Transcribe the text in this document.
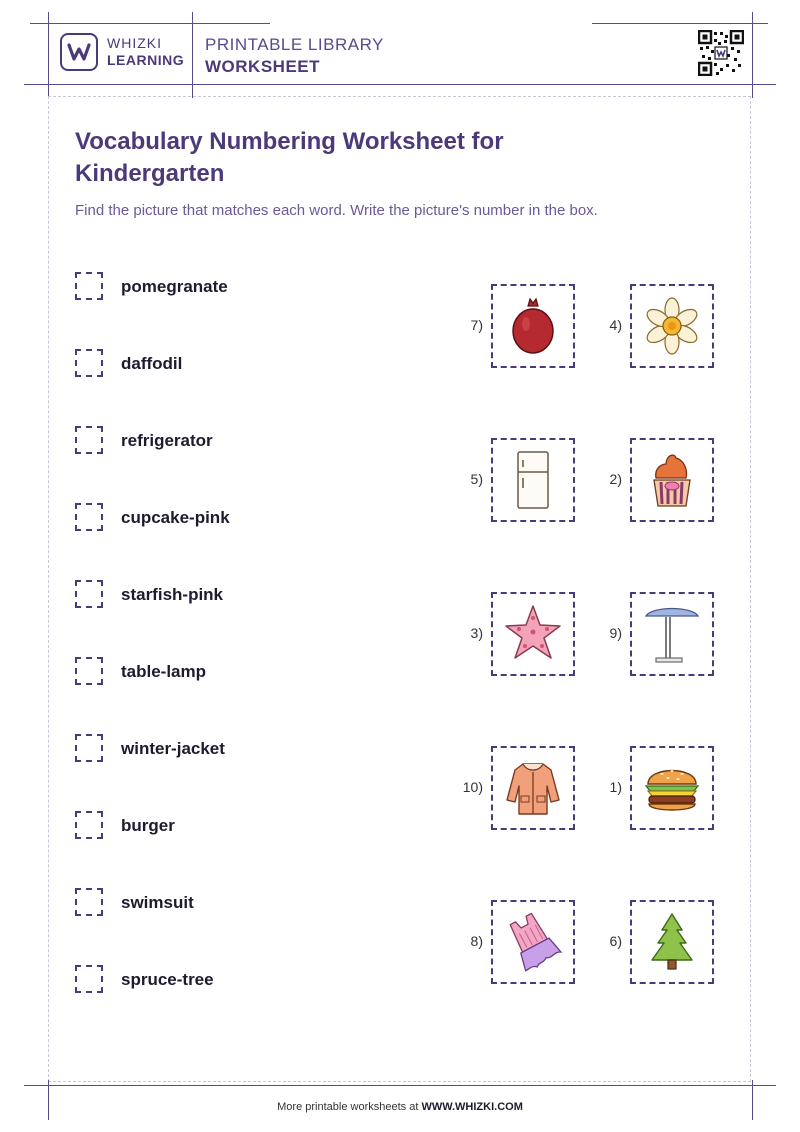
WHIZKI
LEARNING
PRINTABLE LIBRARY
WORKSHEET
Vocabulary Numbering Worksheet for Kindergarten
Find the picture that matches each word. Write the picture's number in the box.
pomegranate
daffodil
refrigerator
cupcake-pink
starfish-pink
table-lamp
winter-jacket
burger
swimsuit
spruce-tree
7)	4)
5)	2)
3)	9)
10)	1)
8)	6)
More printable worksheets at WWW.WHIZKI.COM
